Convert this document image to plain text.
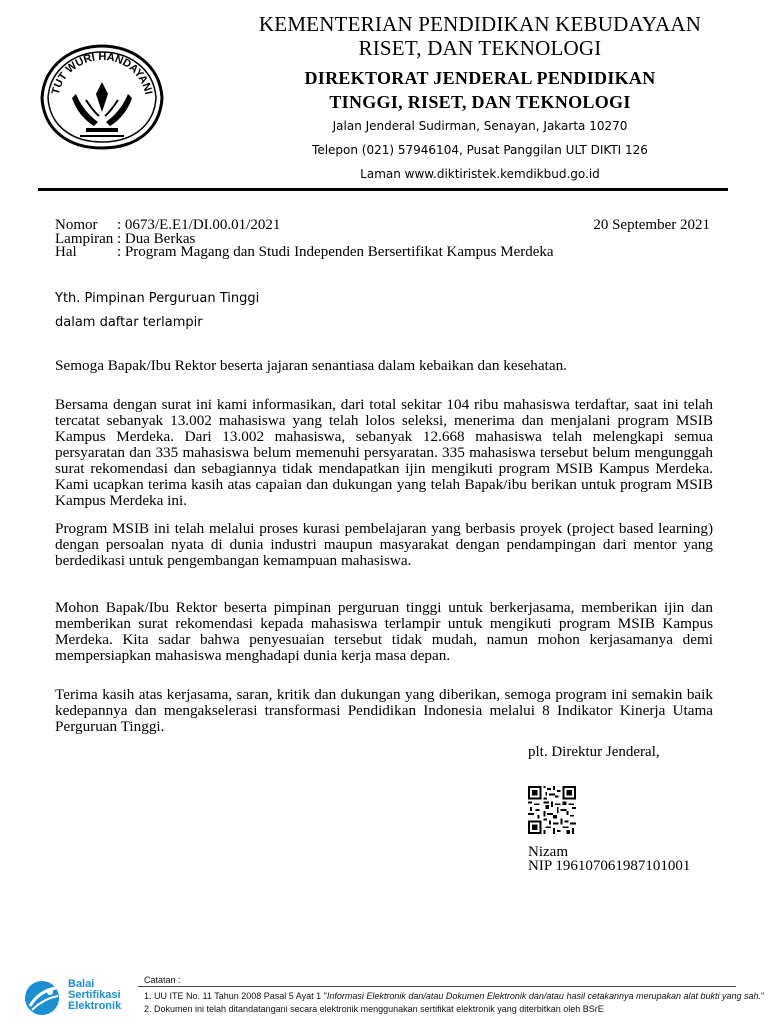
TUT WURI HANDAYANI
KEMENTERIAN PENDIDIKAN KEBUDAYAAN
RISET, DAN TEKNOLOGI
DIREKTORAT JENDERAL PENDIDIKAN
TINGGI, RISET, DAN TEKNOLOGI
Jalan Jenderal Sudirman, Senayan, Jakarta 10270
Telepon (021) 57946104, Pusat Panggilan ULT DIKTI 126
Laman www.diktiristek.kemdikbud.go.id
Nomor : 0673/E.E1/DI.00.01/2021	20 September 2021
Lampiran : Dua Berkas
Hal	: Program Magang dan Studi Independen Bersertifikat Kampus Merdeka
Yth. Pimpinan Perguruan Tinggi
dalam daftar terlampir
Semoga Bapak/Ibu Rektor beserta jajaran senantiasa dalam kebaikan dan kesehatan.
Bersama dengan surat ini kami informasikan, dari total sekitar 104 ribu mahasiswa terdaftar, saat ini telah tercatat sebanyak 13.002 mahasiswa yang telah lolos seleksi, menerima dan menjalani program MSIB Kampus Merdeka. Dari 13.002 mahasiswa, sebanyak 12.668 mahasiswa telah melengkapi semua persyaratan dan 335 mahasiswa belum memenuhi persyaratan. 335 mahasiswa tersebut belum mengunggah surat rekomendasi dan sebagiannya tidak mendapatkan ijin mengikuti program MSIB Kampus Merdeka. Kami ucapkan terima kasih atas capaian dan dukungan yang telah Bapak/ibu berikan untuk program MSIB Kampus Merdeka ini.
Program MSIB ini telah melalui proses kurasi pembelajaran yang berbasis proyek (project based learning) dengan persoalan nyata di dunia industri maupun masyarakat dengan pendampingan dari mentor yang berdedikasi untuk pengembangan kemampuan mahasiswa.
Mohon Bapak/Ibu Rektor beserta pimpinan perguruan tinggi untuk berkerjasama, memberikan ijin dan memberikan surat rekomendasi kepada mahasiswa terlampir untuk mengikuti program MSIB Kampus Merdeka. Kita sadar bahwa penyesuaian tersebut tidak mudah, namun mohon kerjasamanya demi mempersiapkan mahasiswa menghadapi dunia kerja masa depan.
Terima kasih atas kerjasama, saran, kritik dan dukungan yang diberikan, semoga program ini semakin baik kedepannya dan mengakselerasi transformasi Pendidikan Indonesia melalui 8 Indikator Kinerja Utama Perguruan Tinggi.
plt. Direktur Jenderal,
Nizam
NIP 196107061987101001
Balai
Sertifikasi
Elektronik
Catatan :
1. UU ITE No. 11 Tahun 2008 Pasal 5 Ayat 1 "Informasi Elektronik dan/atau Dokumen Elektronik dan/atau hasil cetakannya merupakan alat bukti yang sah."
2. Dokumen ini telah ditandatangani secara elektronik menggunakan sertifikat elektronik yang diterbitkan oleh BSrE
